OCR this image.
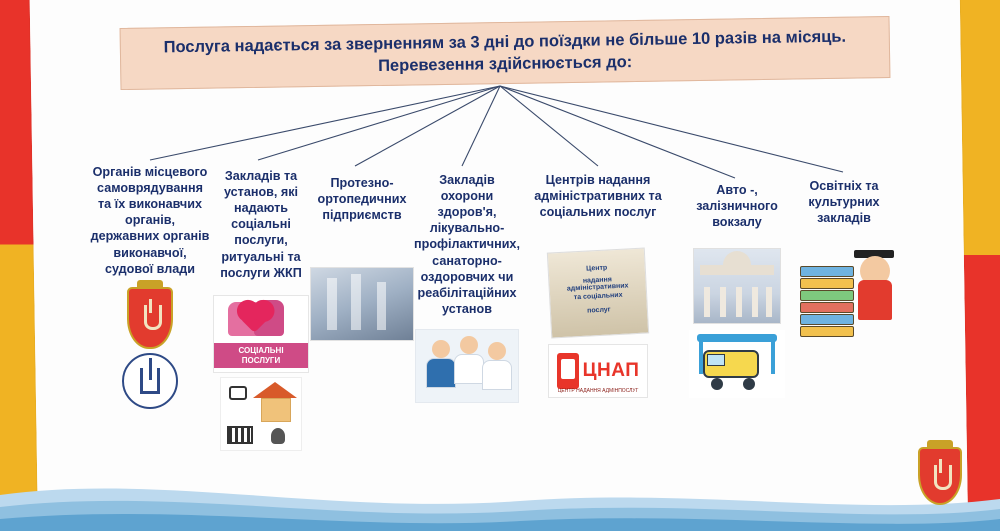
Послуга надається за зверненням за 3 дні до поїздки не більше 10 разів на місяць.
Перевезення здійснюється до:
Органів місцевого самоврядування та їх виконавчих органів, державних органів виконавчої, судової влади
Закладів та установ, які надають соціальні послуги, ритуальні та послуги ЖКП
СОЦІАЛЬНІ
ПОСЛУГИ
Протезно-ортопедичних підприємств
Закладів охорони здоров'я, лікувально-профілактичних, санаторно-оздоровчих чи реабілітаційних установ
Центрів надання адміністративних та соціальних послуг
Центр
надання адміністративних
та соціальних
послуг
ЦНАП
ЦЕНТР НАДАННЯ АДМІНПОСЛУГ
Авто -, залізничного вокзалу
Освітніх та культурних закладів
